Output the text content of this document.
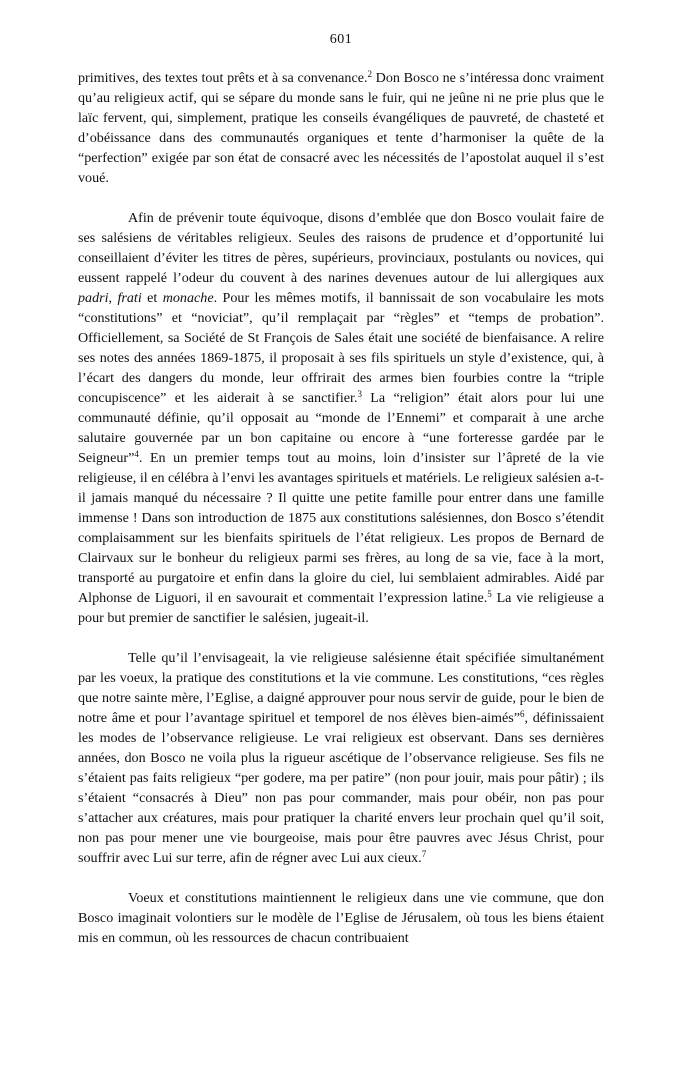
601

primitives, des textes tout prêts et à sa convenance.$^2$ Don Bosco ne s’intéressa donc vraiment qu’au religieux actif, qui se sépare du monde sans le fuir, qui ne jeûne ni ne prie plus que le laïc fervent, qui, simplement, pratique les conseils évangéliques de pauvreté, de chasteté et d’obéissance dans des communautés organiques et tente d’harmoniser la quête de la “perfection” exigée par son état de consacré avec les nécessités de l’apostolat auquel il s’est voué.

Afin de prévenir toute équivoque, disons d’emblée que don Bosco voulait faire de ses salésiens de véritables religieux. Seules des raisons de prudence et d’opportunité lui conseillaient d’éviter les titres de pères, supérieurs, provinciaux, postulants ou novices, qui eussent rappelé l’odeur du couvent à des narines devenues autour de lui allergiques aux padri, frati et monache. Pour les mêmes motifs, il bannissait de son vocabulaire les mots “constitutions” et “noviciat”, qu’il remplaçait par “règles” et “temps de probation”. Officiellement, sa Société de St François de Sales était une société de bienfaisance. A relire ses notes des années 1869-1875, il proposait à ses fils spirituels un style d’existence, qui, à l’écart des dangers du monde, leur offrirait des armes bien fourbies contre la “triple concupiscence” et les aiderait à se sanctifier.$^3$ La “religion” était alors pour lui une communauté définie, qu’il opposait au “monde de l’Ennemi” et comparait à une arche salutaire gouvernée par un bon capitaine ou encore à “une forteresse gardée par le Seigneur”$^4$. En un premier temps tout au moins, loin d’insister sur l’âpreté de la vie religieuse, il en célébra à l’envi les avantages spirituels et matériels. Le religieux salésien a-t-il jamais manqué du nécessaire ? Il quitte une petite famille pour entrer dans une famille immense ! Dans son introduction de 1875 aux constitutions salésiennes, don Bosco s’étendit complaisamment sur les bienfaits spirituels de l’état religieux. Les propos de Bernard de Clairvaux sur le bonheur du religieux parmi ses frères, au long de sa vie, face à la mort, transporté au purgatoire et enfin dans la gloire du ciel, lui semblaient admirables. Aidé par Alphonse de Liguori, il en savourait et commentait l’expression latine.$^5$ La vie religieuse a pour but premier de sanctifier le salésien, jugeait-il.

Telle qu’il l’envisageait, la vie religieuse salésienne était spécifiée simultanément par les voeux, la pratique des constitutions et la vie commune. Les constitutions, “ces règles que notre sainte mère, l’Eglise, a daigné approuver pour nous servir de guide, pour le bien de notre âme et pour l’avantage spirituel et temporel de nos élèves bien-aimés”$^6$, définissaient les modes de l’observance religieuse. Le vrai religieux est observant. Dans ses dernières années, don Bosco ne voila plus la rigueur ascétique de l’observance religieuse. Ses fils ne s’étaient pas faits religieux “per godere, ma per patire” (non pour jouir, mais pour pâtir) ; ils s’étaient “consacrés à Dieu” non pas pour commander, mais pour obéir, non pas pour s’attacher aux créatures, mais pour pratiquer la charité envers leur prochain quel qu’il soit, non pas pour mener une vie bourgeoise, mais pour être pauvres avec Jésus Christ, pour souffrir avec Lui sur terre, afin de régner avec Lui aux cieux.$^7$

Voeux et constitutions maintiennent le religieux dans une vie commune, que don Bosco imaginait volontiers sur le modèle de l’Eglise de Jérusalem, où tous les biens étaient mis en commun, où les ressources de chacun contribuaient
